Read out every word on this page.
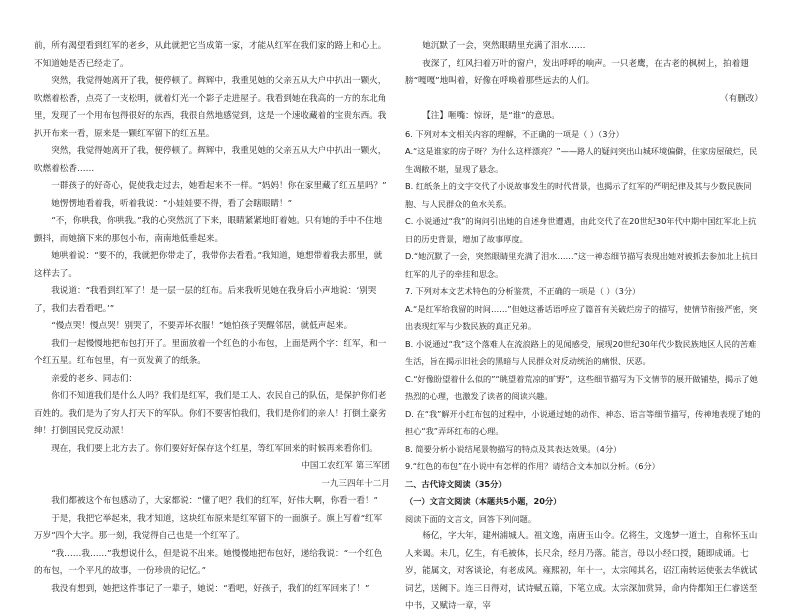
前，所有渴望看到红军的老乡，从此就把它当成第一家，才能从红军在我们家的路上和心上。

不知道她是否已经走了。

突然，我觉得她离开了我，便停顿了。辉辉中，我重见她的父亲五从大户中扒出一颗火，吹燃着松香，点亮了一支松明，就着灯光一个影子走进屋子。我看到她在我高的一方的东北角里，发现了一个用布包得很好的东西，我很自然地感觉到，这是一个速收藏着的宝贵东西。我扒开布来一看，原来是一颗红军留下的红五星。

突然，我觉得她离开了我，便停顿了。辉辉中，我重见她的父亲五从大户中扒出一颗火，吹燃着松香……

一群孩子的好奇心，促使我走过去，她看起来不一样。“妈妈！你在家里藏了红五星吗？”

她愣愣地看着我，听着我说：“小娃娃要不得，看了会瞎眼睛！”

“不，你哄我，你哄我。”我的心突然沉了下来，眼睛紧紧地盯着她。只有她的手中不住地颤抖，而她摘下来的那包小布，南南地低垂起来。

她哄着说：“要不的，我就把你带走了，我带你去看看。”我知道，她想带着我去那里，就这样去了。

我说道：“我看到红军了！是一层一层的红布。后来我听见她在我身后小声地说：‘别哭了，我们去看看吧。’”

“慢点哭！慢点哭！别哭了，不要弄坏衣服！”她怕孩子哭醒邻居，就低声起来。

我们一起慢慢地把布包打开了。里面放着一个红色的小布包，上面是两个字：红军，和一个红五星。红布包里，有一页发黄了的纸条。

亲爱的老乡、同志们：

你们不知道我们是什么人吗？我们是红军，我们是工人、农民自己的队伍，是保护你们老百姓的。我们是为了穷人打天下的军队。你们不要害怕我们，我们是你们的亲人！打倒土豪劣绅！打倒国民党反动派！

现在，我们要上北方去了。你们要好好保存这个红星，等红军回来的时候再来看你们。

中国工农红军 第三军团

一九三四年十二月

我们都被这个布包感动了，大家都说：“懂了吧？我们的红军，好伟大啊，你看一看！”

于是，我把它举起来，我才知道，这块红布原来是红军留下的一面旗子。旗上写着“红军万岁”四个大字。那一刻，我觉得自己也是一个红军了。

“我……我……”我想说什么，但是说不出来。她慢慢地把布包好，递给我说：“一个红色的布包，一个平凡的故事，一份珍贵的记忆。”

我没有想到，她把这件事记了一辈子，她说：“看吧，好孩子，我们的红军回来了！”

她沉默了一会，突然眼睛里充满了泪水……

夜深了，红风扫着万叶的窗户，发出呼呼的响声。一只老鹰，在古老的枫树上，拍着翅膀“嘎嘎”地叫着，好像在呼唤着那些远去的人们。

（有删改）

【注】咂嘴：惊讶，是“谁”的意思。

6. 下列对本文相关内容的理解，不正确的一项是（ ）（3分）

A.“这是谁家的房子呀？为什么这样漂亮？”——路人的疑问突出山城环境偏僻，住家房屋破烂，民生凋敝不堪，显现了悬念。

B. 红纸条上的文字交代了小说故事发生的时代背景，也揭示了红军的严明纪律及其与少数民族同胞、与人民群众的鱼水关系。

C. 小说通过“我”的询问引出她的自述身世遭遇，由此交代了在20世纪30年代中期中国红军北上抗日的历史背景，增加了故事厚度。

D.“她沉默了一会，突然眼睛里充满了泪水……”这一神态细节描写表现出她对被抓去参加北上抗日红军的儿子的牵挂和思念。

7. 下列对本文艺术特色的分析鉴赏，不正确的一项是（ ）（3分）

A.“是红军给我留的时间……”但她这番话语呼应了篇首有关破烂房子的描写，使情节衔接严密，突出表现红军与少数民族的真正兄弟。

B. 小说通过“我”这个落难人在流浪路上的见闻感受，展现20世纪30年代少数民族地区人民的苦难生活，旨在揭示旧社会的黑暗与人民群众对反动统治的痛恨、厌恶。

C.“好像盼望着什么似的”“眺望着荒凉的旷野”，这些细节描写为下文情节的展开做铺垫，揭示了她热烈的心理，也激发了读者的阅读兴趣。

D. 在“我”解开小红布包的过程中，小说通过她的动作、神态、语言等细节描写，传神地表现了她的担心“我”弄坏红布的心理。

8. 简要分析小说结尾景物描写的特点及其表达效果。（4分）

9.“红色的布包”在小说中有怎样的作用？请结合文本加以分析。（6分）

二、古代诗文阅读（35分）

（一）文言文阅读（本题共5小题，20分）

阅读下面的文言文，回答下列问题。

杨亿，字大年，建州浦城人。祖文逸，南唐玉山令。亿将生，文逸梦一道士，自称怀玉山人来谒。未几，亿生，有毛被体，长尺余，经月乃落。能言，母以小经口授，随即成诵。七岁，能属文，对客谈论，有老成风。雍熙初，年十一，太宗闻其名，诏江南转运使张去华就试词艺，送阙下。连三日得对，试诗赋五篇，下笔立成。太宗深加赏异，命内侍都知王仁睿送至中书，又赋诗一章，宰
